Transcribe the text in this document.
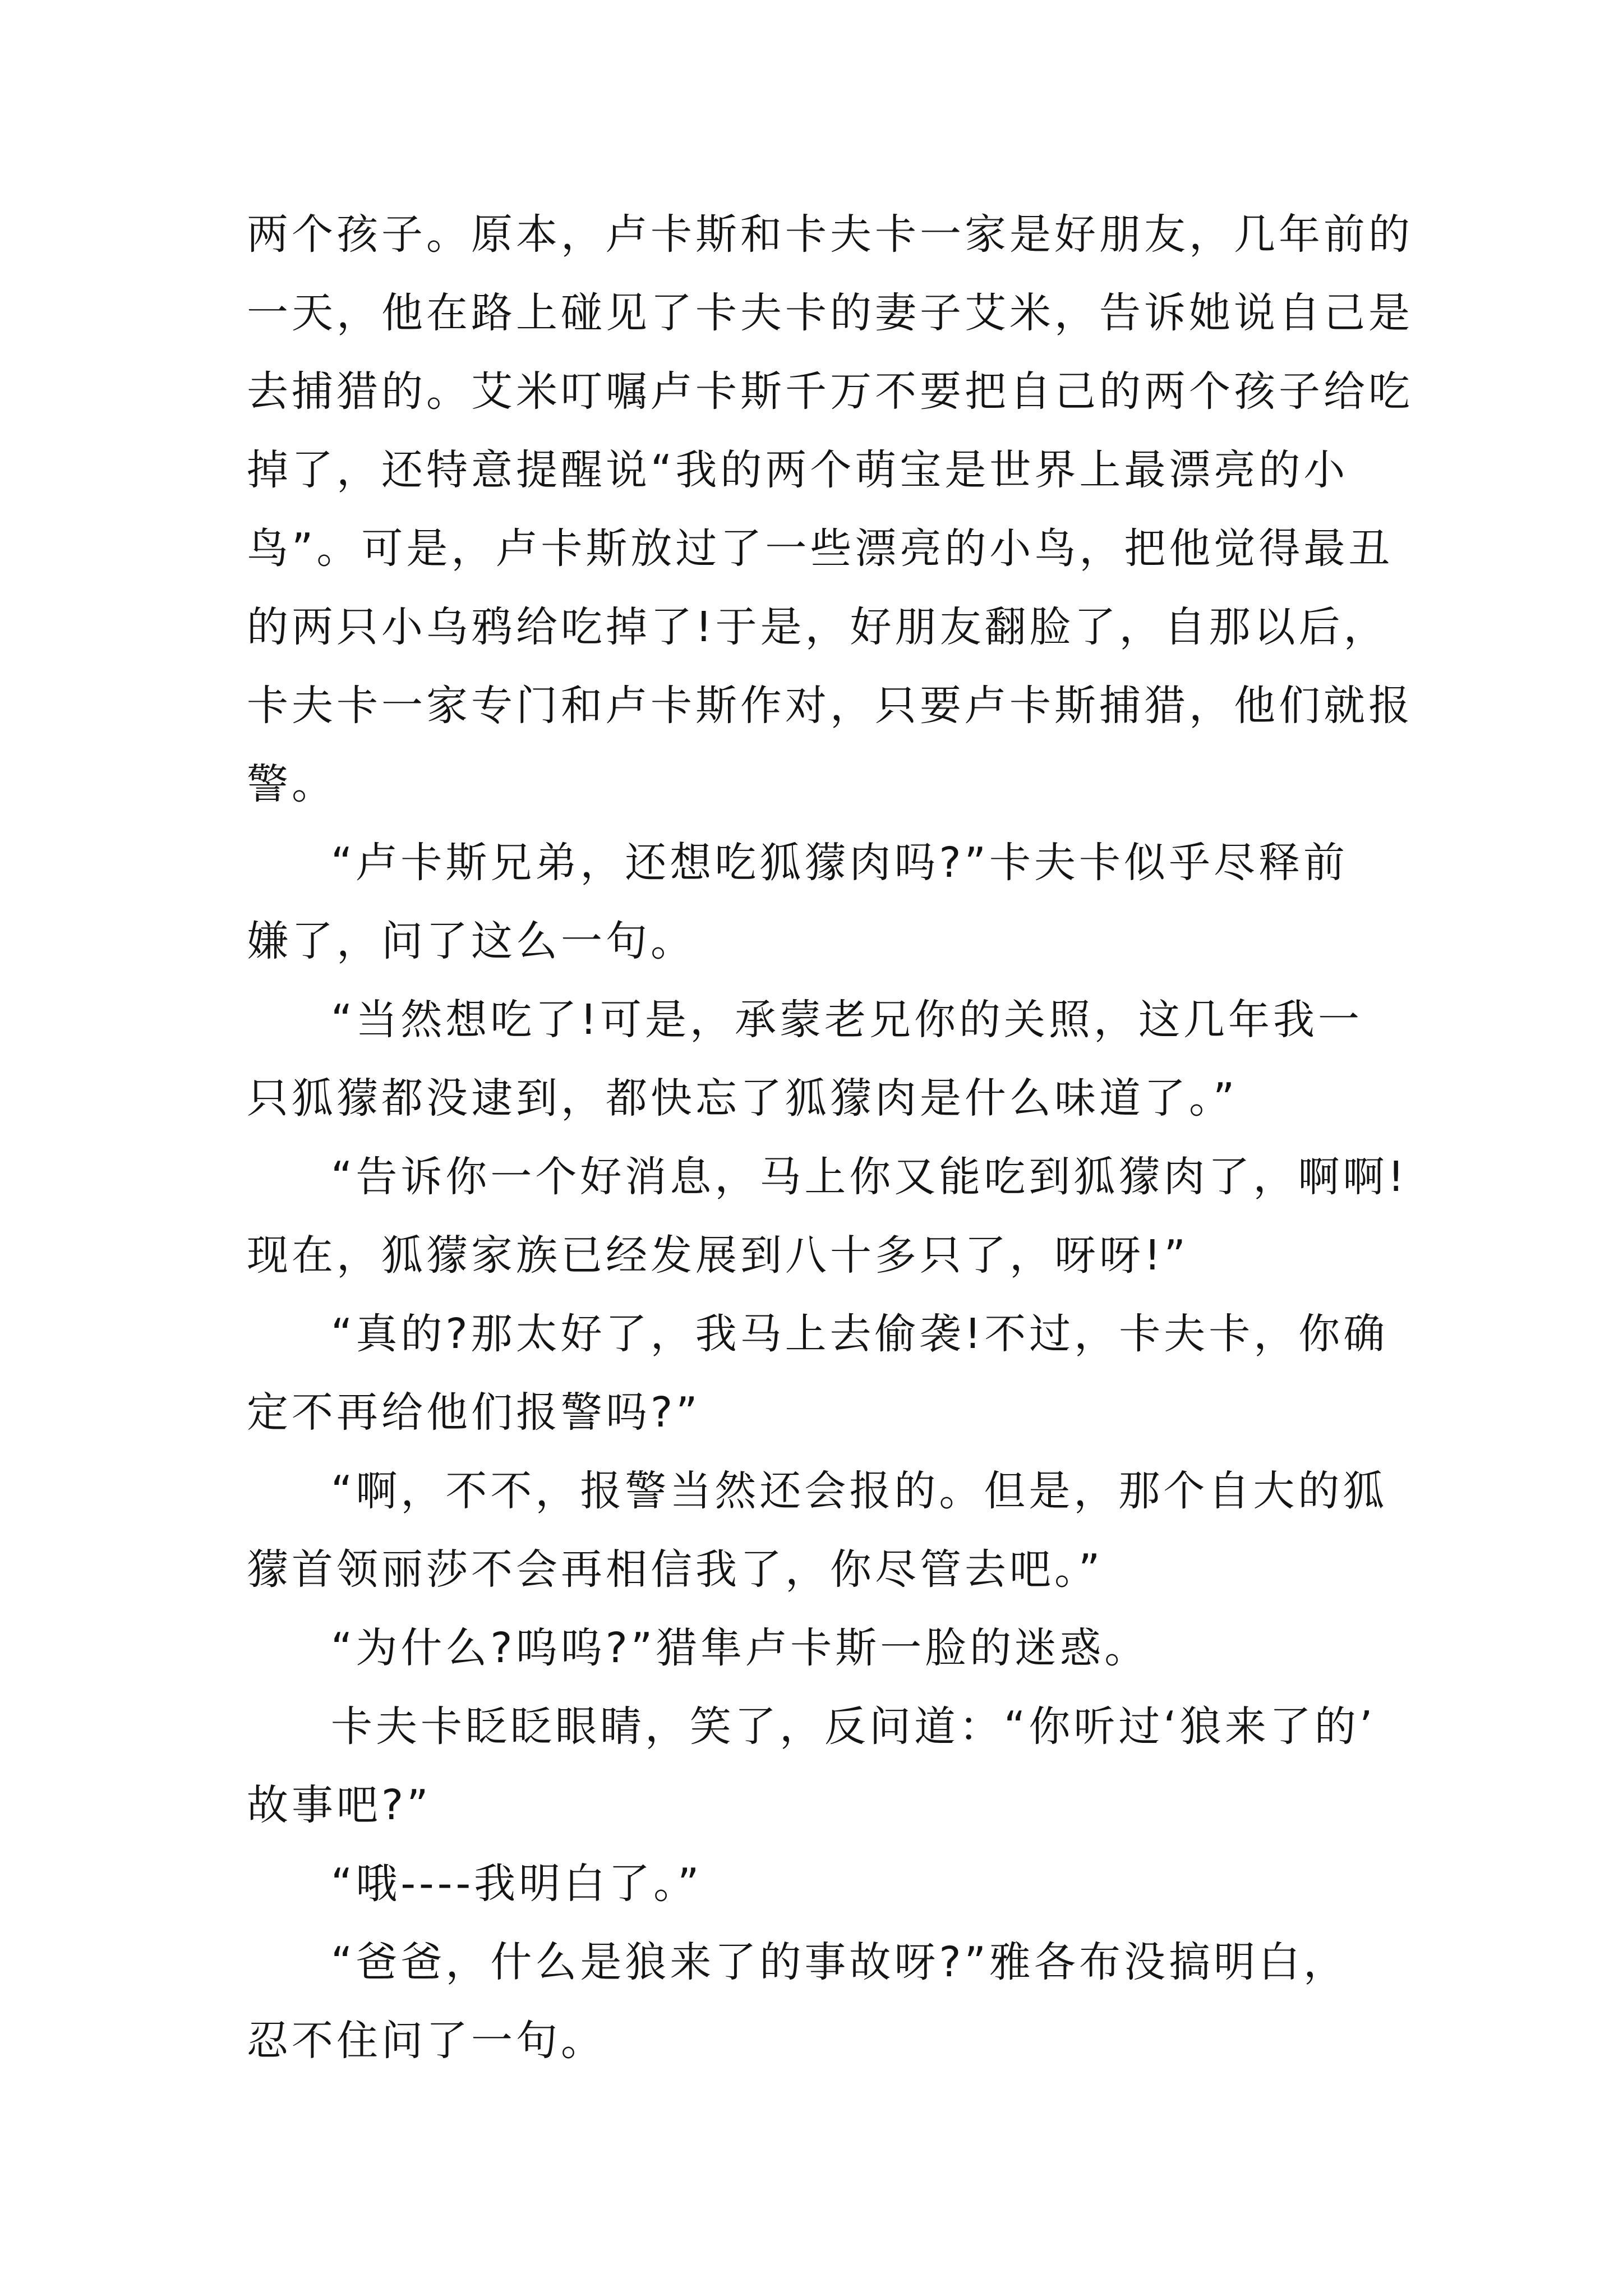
两个孩子。原本，卢卡斯和卡夫卡一家是好朋友，几年前的
一天，他在路上碰见了卡夫卡的妻子艾米，告诉她说自己是
去捕猎的。艾米叮嘱卢卡斯千万不要把自己的两个孩子给吃
掉了，还特意提醒说“我的两个萌宝是世界上最漂亮的小
鸟”。可是，卢卡斯放过了一些漂亮的小鸟，把他觉得最丑
的两只小乌鸦给吃掉了!于是，好朋友翻脸了，自那以后，
卡夫卡一家专门和卢卡斯作对，只要卢卡斯捕猎，他们就报
警。
“卢卡斯兄弟，还想吃狐獴肉吗?”卡夫卡似乎尽释前
嫌了，问了这么一句。
“当然想吃了!可是，承蒙老兄你的关照，这几年我一
只狐獴都没逮到，都快忘了狐獴肉是什么味道了。”
“告诉你一个好消息，马上你又能吃到狐獴肉了，啊啊!
现在，狐獴家族已经发展到八十多只了，呀呀!”
“真的?那太好了，我马上去偷袭!不过，卡夫卡，你确
定不再给他们报警吗?”
“啊，不不，报警当然还会报的。但是，那个自大的狐
獴首领丽莎不会再相信我了，你尽管去吧。”
“为什么?呜呜?”猎隼卢卡斯一脸的迷惑。
卡夫卡眨眨眼睛，笑了，反问道：“你听过‘狼来了的’
故事吧?”
“哦----我明白了。”
“爸爸，什么是狼来了的事故呀?”雅各布没搞明白，
忍不住问了一句。
